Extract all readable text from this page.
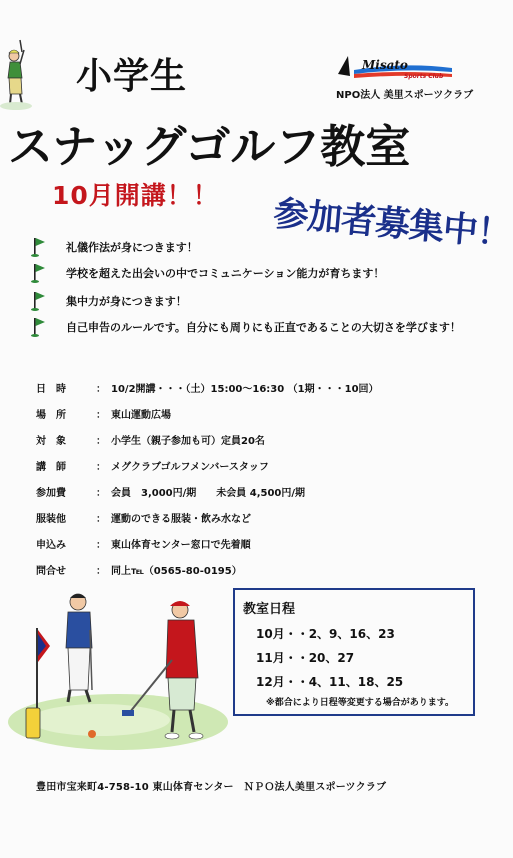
小学生	Misato
Sports Club
NPO法人 美里スポーツクラブ
スナッグゴルフ教室
10月開講！！ 参加者募集中！
礼儀作法が身につきます！
学校を超えた出会いの中でコミュニケーション能力が育ちます！
集中力が身につきます！
自己申告のルールです。自分にも周りにも正直であることの大切さを学びます！
日　時	：　10/2開講・・・（土）15:00～16:30 （1期・・・10回）
場　所	：　東山運動広場
対　象	：　小学生（親子参加も可）定員20名
講　師	：　メグクラブゴルフメンバースタッフ
参加費	：　会員　3,000円/期　　未会員 4,500円/期
服装他	：　運動のできる服装・飲み水など
申込み	：　東山体育センター窓口で先着順
問合せ	：　同上℡（0565-80-0195）
教室日程
10月・・2、9、16、23
11月・・20、27
12月・・4、11、18、25
※都合により日程等変更する場合があります。
豊田市宝来町4-758-10 東山体育センター　ＮＰＯ法人美里スポーツクラブ
